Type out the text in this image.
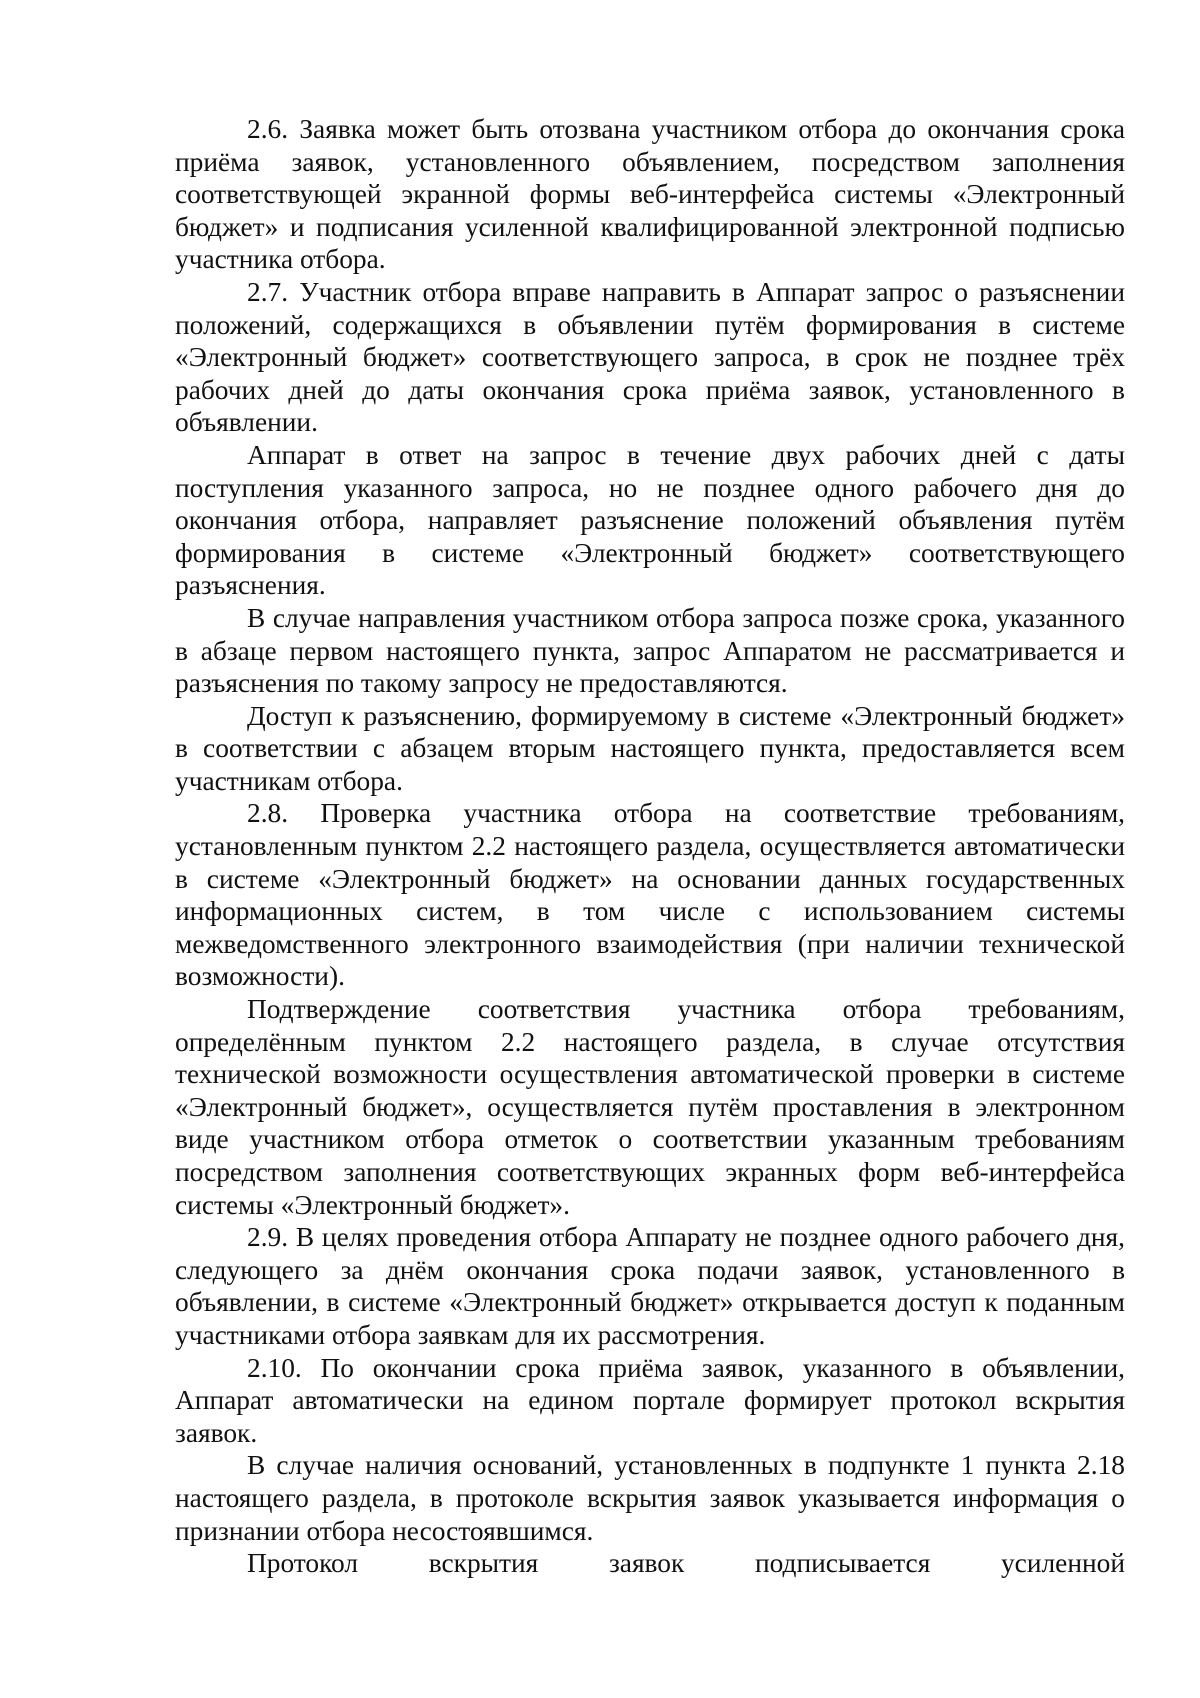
2.6. Заявка может быть отозвана участником отбора до окончания срока приёма заявок, установленного объявлением, посредством заполнения соответствующей экранной формы веб-интерфейса системы «Электронный бюджет» и подписания усиленной квалифицированной электронной подписью участника отбора.

2.7. Участник отбора вправе направить в Аппарат запрос о разъяснении положений, содержащихся в объявлении путём формирования в системе «Электронный бюджет» соответствующего запроса, в срок не позднее трёх рабочих дней до даты окончания срока приёма заявок, установленного в объявлении.

Аппарат в ответ на запрос в течение двух рабочих дней с даты поступления указанного запроса, но не позднее одного рабочего дня до окончания отбора, направляет разъяснение положений объявления путём формирования в системе «Электронный бюджет» соответствующего разъяснения.

В случае направления участником отбора запроса позже срока, указанного в абзаце первом настоящего пункта, запрос Аппаратом не рассматривается и разъяснения по такому запросу не предоставляются.

Доступ к разъяснению, формируемому в системе «Электронный бюджет» в соответствии с абзацем вторым настоящего пункта, предоставляется всем участникам отбора.

2.8. Проверка участника отбора на соответствие требованиям, установленным пунктом 2.2 настоящего раздела, осуществляется автоматически в системе «Электронный бюджет» на основании данных государственных информационных систем, в том числе с использованием системы межведомственного электронного взаимодействия (при наличии технической возможности).

Подтверждение соответствия участника отбора требованиям, определённым пунктом 2.2 настоящего раздела, в случае отсутствия технической возможности осуществления автоматической проверки в системе «Электронный бюджет», осуществляется путём проставления в электронном виде участником отбора отметок о соответствии указанным требованиям посредством заполнения соответствующих экранных форм веб-интерфейса системы «Электронный бюджет».

2.9. В целях проведения отбора Аппарату не позднее одного рабочего дня, следующего за днём окончания срока подачи заявок, установленного в объявлении, в системе «Электронный бюджет» открывается доступ к поданным участниками отбора заявкам для их рассмотрения.

2.10. По окончании срока приёма заявок, указанного в объявлении, Аппарат автоматически на едином портале формирует протокол вскрытия заявок.

В случае наличия оснований, установленных в подпункте 1 пункта 2.18 настоящего раздела, в протоколе вскрытия заявок указывается информация о признании отбора несостоявшимся.

Протокол вскрытия заявок подписывается усиленной
